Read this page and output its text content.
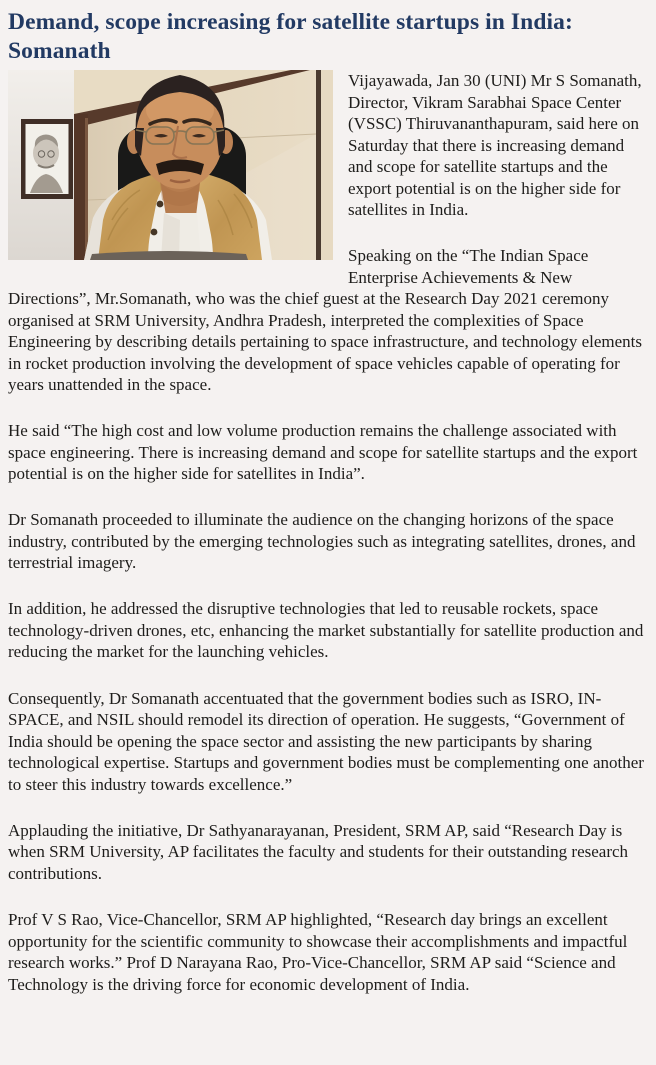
Demand, scope increasing for satellite startups in India: Somanath

Vijayawada, Jan 30 (UNI) Mr S Somanath, Director, Vikram Sarabhai Space Center (VSSC) Thiruvananthapuram, said here on Saturday that there is increasing demand and scope for satellite startups and the export potential is on the higher side for satellites in India.

Speaking on the “The Indian Space Enterprise Achievements & New Directions”, Mr.Somanath, who was the chief guest at the Research Day 2021 ceremony organised at SRM University, Andhra Pradesh, interpreted the complexities of Space Engineering by describing details pertaining to space infrastructure, and technology elements in rocket production involving the development of space vehicles capable of operating for years unattended in the space.

He said “The high cost and low volume production remains the challenge associated with space engineering. There is increasing demand and scope for satellite startups and the export potential is on the higher side for satellites in India”.

Dr Somanath proceeded to illuminate the audience on the changing horizons of the space industry, contributed by the emerging technologies such as integrating satellites, drones, and terrestrial imagery.

In addition, he addressed the disruptive technologies that led to reusable rockets, space technology-driven drones, etc, enhancing the market substantially for satellite production and reducing the market for the launching vehicles.

Consequently, Dr Somanath accentuated that the government bodies such as ISRO, IN-SPACE, and NSIL should remodel its direction of operation. He suggests, “Government of India should be opening the space sector and assisting the new participants by sharing technological expertise. Startups and government bodies must be complementing one another to steer this industry towards excellence.”

Applauding the initiative, Dr Sathyanarayanan, President, SRM AP, said “Research Day is when SRM University, AP facilitates the faculty and students for their outstanding research contributions.

Prof V S Rao, Vice-Chancellor, SRM AP highlighted, “Research day brings an excellent opportunity for the scientific community to showcase their accomplishments and impactful research works.” Prof D Narayana Rao, Pro-Vice-Chancellor, SRM AP said “Science and Technology is the driving force for economic development of India.
